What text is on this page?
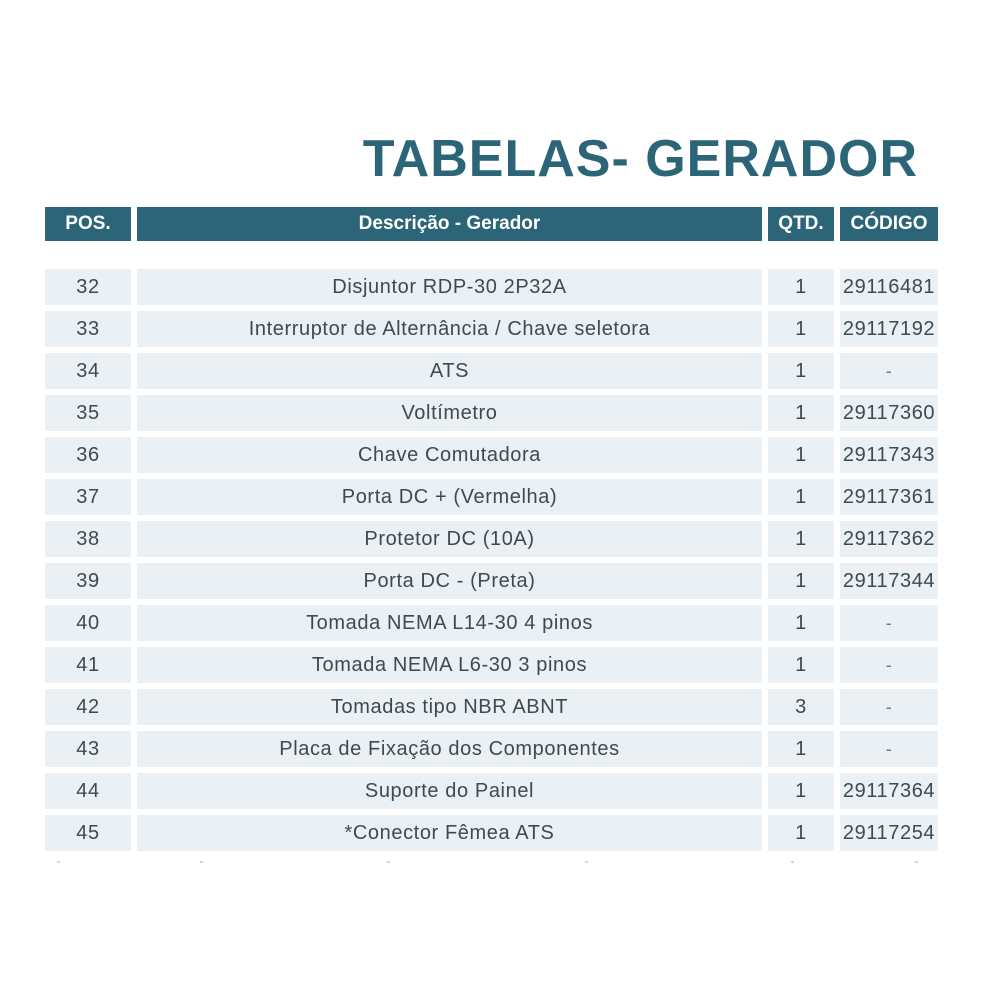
TABELAS- GERADOR
POS.	Descrição - Gerador	QTD.	CÓDIGO
32	Disjuntor RDP-30 2P32A	1	29116481
33	Interruptor de Alternância / Chave seletora	1	29117192
34	ATS	1	-
35	Voltímetro	1	29117360
36	Chave Comutadora	1	29117343
37	Porta DC + (Vermelha)	1	29117361
38	Protetor DC (10A)	1	29117362
39	Porta DC - (Preta)	1	29117344
40	Tomada NEMA L14-30 4 pinos	1	-
41	Tomada NEMA L6-30 3 pinos	1	-
42	Tomadas tipo NBR ABNT	3	-
43	Placa de Fixação dos Componentes	1	-
44	Suporte do Painel	1	29117364
45	*Conector Fêmea ATS	1	29117254
